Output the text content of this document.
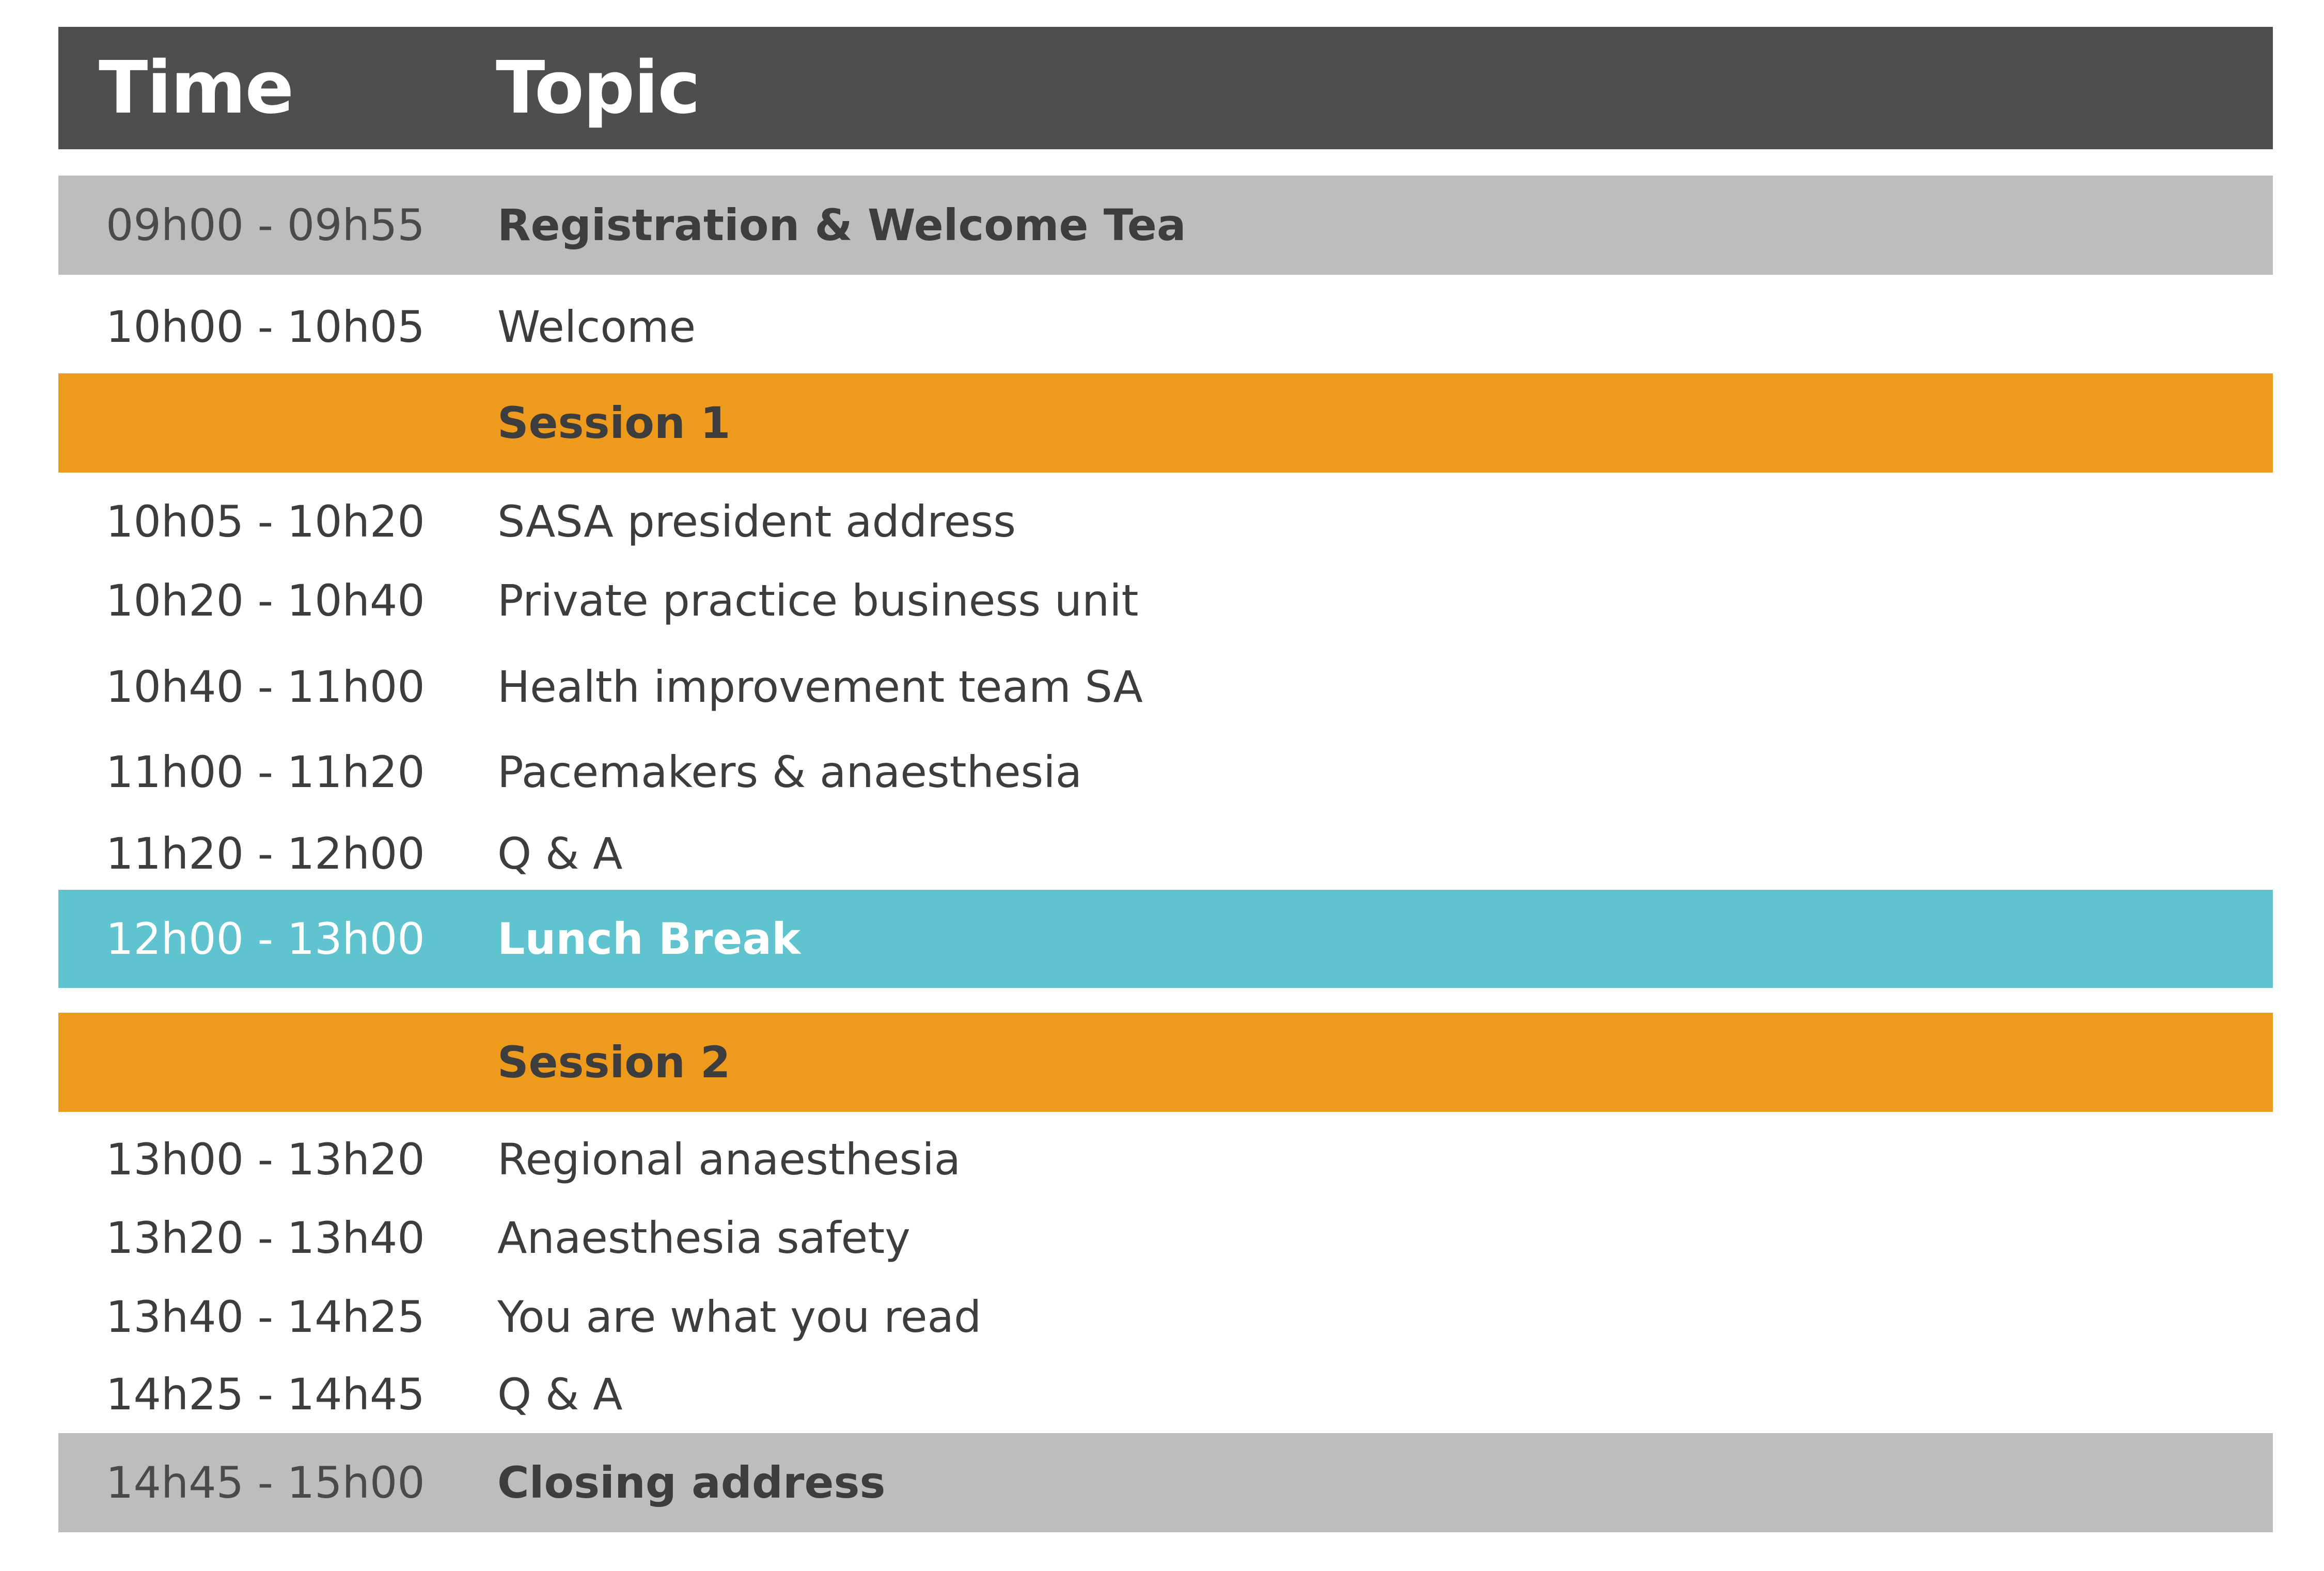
Time	Topic
09h00 - 09h55 Registration & Welcome Tea
10h00 - 10h05 Welcome
Session 1
10h05 - 10h20 SASA president address
10h20 - 10h40 Private practice business unit
10h40 - 11h00 Health improvement team SA
11h00 - 11h20 Pacemakers & anaesthesia
11h20 - 12h00 Q & A
12h00 - 13h00 Lunch Break
Session 2
13h00 - 13h20 Regional anaesthesia
13h20 - 13h40 Anaesthesia safety
13h40 - 14h25 You are what you read
14h25 - 14h45 Q & A
14h45 - 15h00 Closing address
